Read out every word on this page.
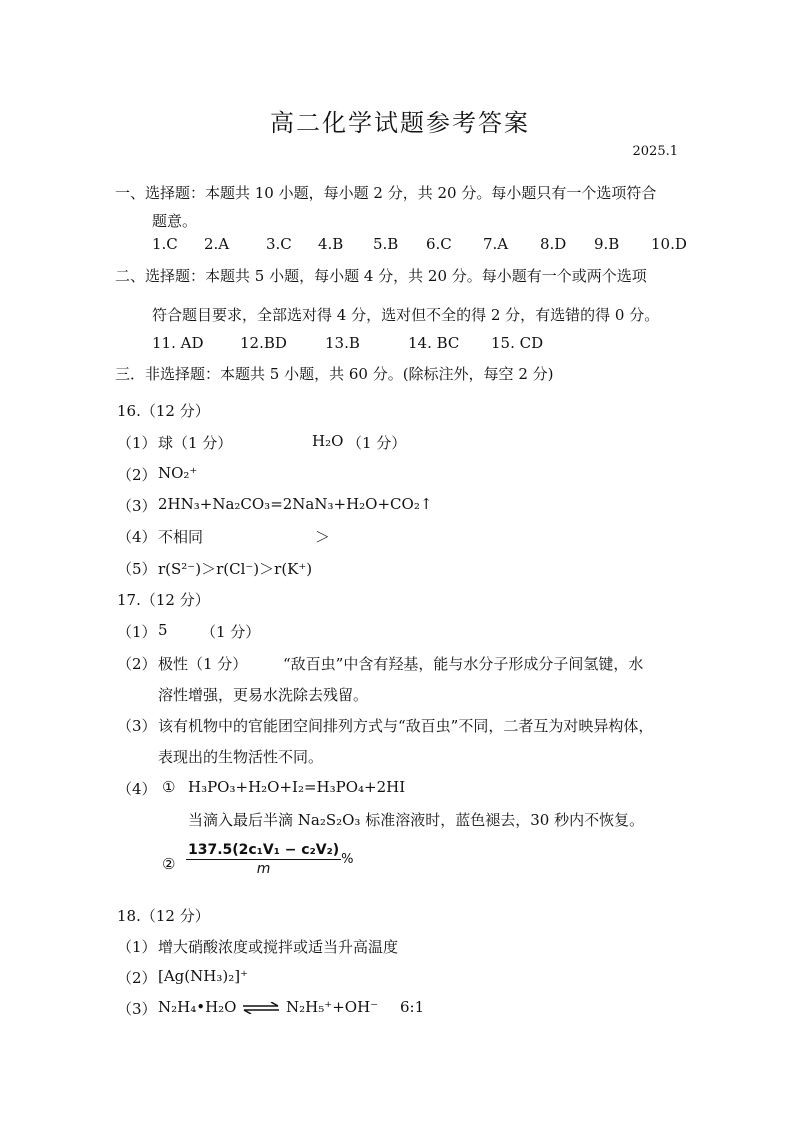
高二化学试题参考答案
2025.1
一、选择题：本题共 10 小题，每小题 2 分，共 20 分。每小题只有一个选项符合
题意。
1.C 2.A 3.C 4.B 5.B 6.C 7.A 8.D 9.B 10.D
二、选择题：本题共 5 小题，每小题 4 分，共 20 分。每小题有一个或两个选项
符合题目要求，全部选对得 4 分，选对但不全的得 2 分，有选错的得 0 分。
11. AD 12.BD	13.B	14. BC 15. CD
三．非选择题：本题共 5 小题，共 60 分。(除标注外，每空 2 分)
16.（12 分）
（1） 球（1 分）	H₂O （1 分）
（2） NO₂⁺
（3） 2HN₃+Na₂CO₃=2NaN₃+H₂O+CO₂↑
（4） 不相同	＞
（5） r(S²⁻)＞r(Cl⁻)＞r(K⁺)
17.（12 分）
（1） 5 （1 分）
（2） 极性（1 分） “敌百虫”中含有羟基，能与水分子形成分子间氢键，水
溶性增强，更易水洗除去残留。
（3） 该有机物中的官能团空间排列方式与“敌百虫”不同，二者互为对映异构体，
表现出的生物活性不同。
（4） ① H₃PO₃+H₂O+I₂=H₃PO₄+2HI
当滴入最后半滴 Na₂S₂O₃ 标准溶液时，蓝色褪去，30 秒内不恢复。
② $\frac{\text{137.5(2c₁V₁ − c₂V₂)}}{m}$ %
18.（12 分）
（1） 增大硝酸浓度或搅拌或适当升高温度
（2） [Ag(NH₃)₂]⁺
（3） N₂H₄•H₂O ⇌ N₂H₅⁺+OH⁻ 6:1
